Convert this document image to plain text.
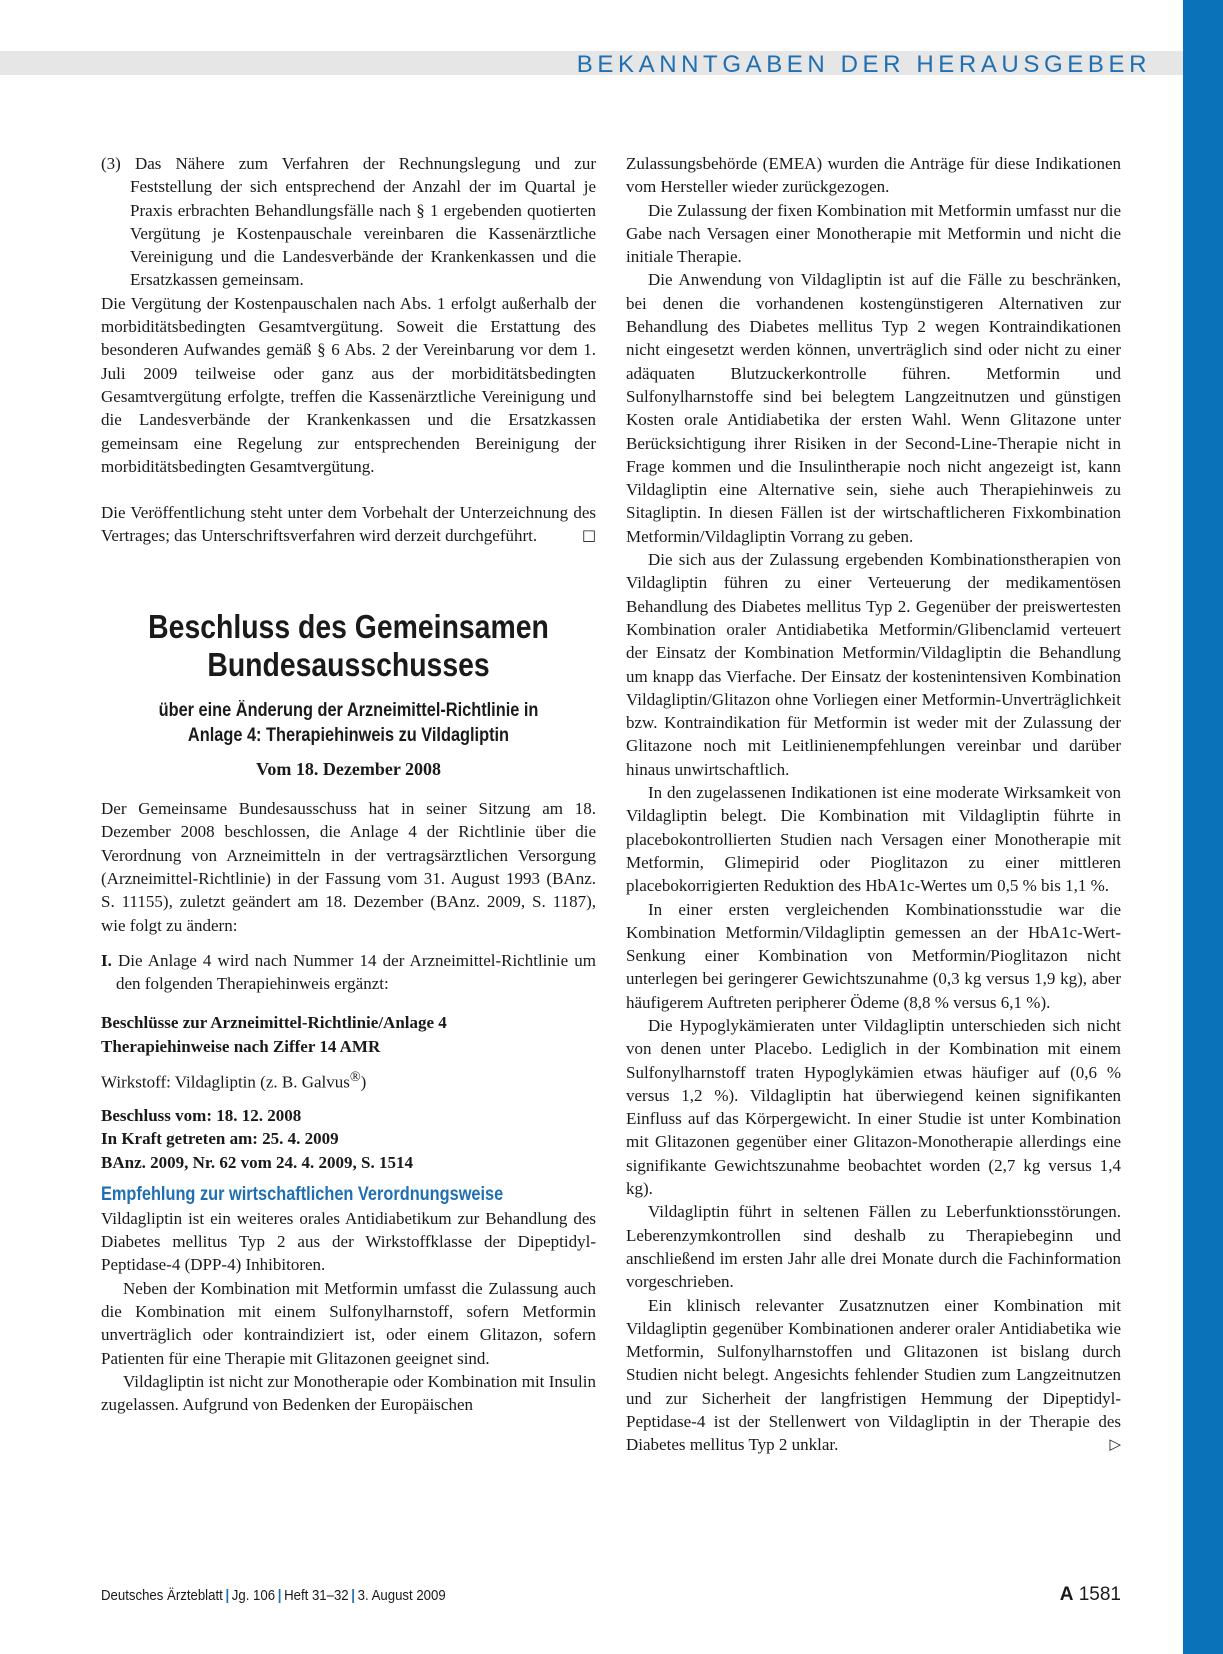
BEKANNTGABEN DER HERAUSGEBER

(3) Das Nähere zum Verfahren der Rechnungslegung und zur Feststellung der sich entsprechend der Anzahl der im Quartal je Praxis erbrachten Behandlungsfälle nach § 1 ergebenden quotierten Vergütung je Kostenpauschale vereinbaren die Kassenärztliche Vereinigung und die Landesverbände der Krankenkassen und die Ersatzkassen gemeinsam.

Die Vergütung der Kostenpauschalen nach Abs. 1 erfolgt außerhalb der morbiditätsbedingten Gesamtvergütung. Soweit die Erstattung des besonderen Aufwandes gemäß § 6 Abs. 2 der Vereinbarung vor dem 1. Juli 2009 teilweise oder ganz aus der morbiditätsbedingten Gesamtvergütung erfolgte, treffen die Kassenärztliche Vereinigung und die Landesverbände der Krankenkassen und die Ersatzkassen gemeinsam eine Regelung zur entsprechenden Bereinigung der morbiditätsbedingten Gesamtvergütung.

Die Veröffentlichung steht unter dem Vorbehalt der Unterzeichnung des Vertrages; das Unterschriftsverfahren wird derzeit durchgeführt.	□

Beschluss des Gemeinsamen Bundesausschusses
über eine Änderung der Arzneimittel-Richtlinie in Anlage 4: Therapiehinweis zu Vildagliptin
Vom 18. Dezember 2008

Der Gemeinsame Bundesausschuss hat in seiner Sitzung am 18. Dezember 2008 beschlossen, die Anlage 4 der Richtlinie über die Verordnung von Arzneimitteln in der vertragsärztlichen Versorgung (Arzneimittel-Richtlinie) in der Fassung vom 31. August 1993 (BAnz. S. 11155), zuletzt geändert am 18. Dezember (BAnz. 2009, S. 1187), wie folgt zu ändern:

I. Die Anlage 4 wird nach Nummer 14 der Arzneimittel-Richtlinie um den folgenden Therapiehinweis ergänzt:

Beschlüsse zur Arzneimittel-Richtlinie/Anlage 4

Therapiehinweise nach Ziffer 14 AMR

Wirkstoff: Vildagliptin (z. B. Galvus®)

Beschluss vom: 18. 12. 2008

In Kraft getreten am: 25. 4. 2009

BAnz. 2009, Nr. 62 vom 24. 4. 2009, S. 1514

Empfehlung zur wirtschaftlichen Verordnungsweise

Vildagliptin ist ein weiteres orales Antidiabetikum zur Behandlung des Diabetes mellitus Typ 2 aus der Wirkstoffklasse der Dipeptidyl-Peptidase-4 (DPP-4) Inhibitoren.

Neben der Kombination mit Metformin umfasst die Zulassung auch die Kombination mit einem Sulfonylharnstoff, sofern Metformin unverträglich oder kontraindiziert ist, oder einem Glitazon, sofern Patienten für eine Therapie mit Glitazonen geeignet sind.

Vildagliptin ist nicht zur Monotherapie oder Kombination mit Insulin zugelassen. Aufgrund von Bedenken der Europäischen

Zulassungsbehörde (EMEA) wurden die Anträge für diese Indikationen vom Hersteller wieder zurückgezogen.

Die Zulassung der fixen Kombination mit Metformin umfasst nur die Gabe nach Versagen einer Monotherapie mit Metformin und nicht die initiale Therapie.

Die Anwendung von Vildagliptin ist auf die Fälle zu beschränken, bei denen die vorhandenen kostengünstigeren Alternativen zur Behandlung des Diabetes mellitus Typ 2 wegen Kontraindikationen nicht eingesetzt werden können, unverträglich sind oder nicht zu einer adäquaten Blutzuckerkontrolle führen. Metformin und Sulfonylharnstoffe sind bei belegtem Langzeitnutzen und günstigen Kosten orale Antidiabetika der ersten Wahl. Wenn Glitazone unter Berücksichtigung ihrer Risiken in der Second-Line-Therapie nicht in Frage kommen und die Insulintherapie noch nicht angezeigt ist, kann Vildagliptin eine Alternative sein, siehe auch Therapiehinweis zu Sitagliptin. In diesen Fällen ist der wirtschaftlicheren Fixkombination Metformin/Vildagliptin Vorrang zu geben.

Die sich aus der Zulassung ergebenden Kombinationstherapien von Vildagliptin führen zu einer Verteuerung der medikamentösen Behandlung des Diabetes mellitus Typ 2. Gegenüber der preiswertesten Kombination oraler Antidiabetika Metformin/Glibenclamid verteuert der Einsatz der Kombination Metformin/Vildagliptin die Behandlung um knapp das Vierfache. Der Einsatz der kostenintensiven Kombination Vildagliptin/Glitazon ohne Vorliegen einer Metformin-Unverträglichkeit bzw. Kontraindikation für Metformin ist weder mit der Zulassung der Glitazone noch mit Leitlinienempfehlungen vereinbar und darüber hinaus unwirtschaftlich.

In den zugelassenen Indikationen ist eine moderate Wirksamkeit von Vildagliptin belegt. Die Kombination mit Vildagliptin führte in placebokontrollierten Studien nach Versagen einer Monotherapie mit Metformin, Glimepirid oder Pioglitazon zu einer mittleren placebokorrigierten Reduktion des HbA1c-Wertes um 0,5 % bis 1,1 %.

In einer ersten vergleichenden Kombinationsstudie war die Kombination Metformin/Vildagliptin gemessen an der HbA1c-Wert-Senkung einer Kombination von Metformin/Pioglitazon nicht unterlegen bei geringerer Gewichtszunahme (0,3 kg versus 1,9 kg), aber häufigerem Auftreten peripherer Ödeme (8,8 % versus 6,1 %).

Die Hypoglykämieraten unter Vildagliptin unterschieden sich nicht von denen unter Placebo. Lediglich in der Kombination mit einem Sulfonylharnstoff traten Hypoglykämien etwas häufiger auf (0,6 % versus 1,2 %). Vildagliptin hat überwiegend keinen signifikanten Einfluss auf das Körpergewicht. In einer Studie ist unter Kombination mit Glitazonen gegenüber einer Glitazon-Monotherapie allerdings eine signifikante Gewichtszunahme beobachtet worden (2,7 kg versus 1,4 kg).

Vildagliptin führt in seltenen Fällen zu Leberfunktionsstörungen. Leberenzymkontrollen sind deshalb zu Therapiebeginn und anschließend im ersten Jahr alle drei Monate durch die Fachinformation vorgeschrieben.

Ein klinisch relevanter Zusatznutzen einer Kombination mit Vildagliptin gegenüber Kombinationen anderer oraler Antidiabetika wie Metformin, Sulfonylharnstoffen und Glitazonen ist bislang durch Studien nicht belegt. Angesichts fehlender Studien zum Langzeitnutzen und zur Sicherheit der langfristigen Hemmung der Dipeptidyl-Peptidase-4 ist der Stellenwert von Vildagliptin in der Therapie des Diabetes mellitus Typ 2 unklar.	▷

Deutsches Ärzteblatt | Jg. 106 | Heft 31–32 | 3. August 2009	A 1581
